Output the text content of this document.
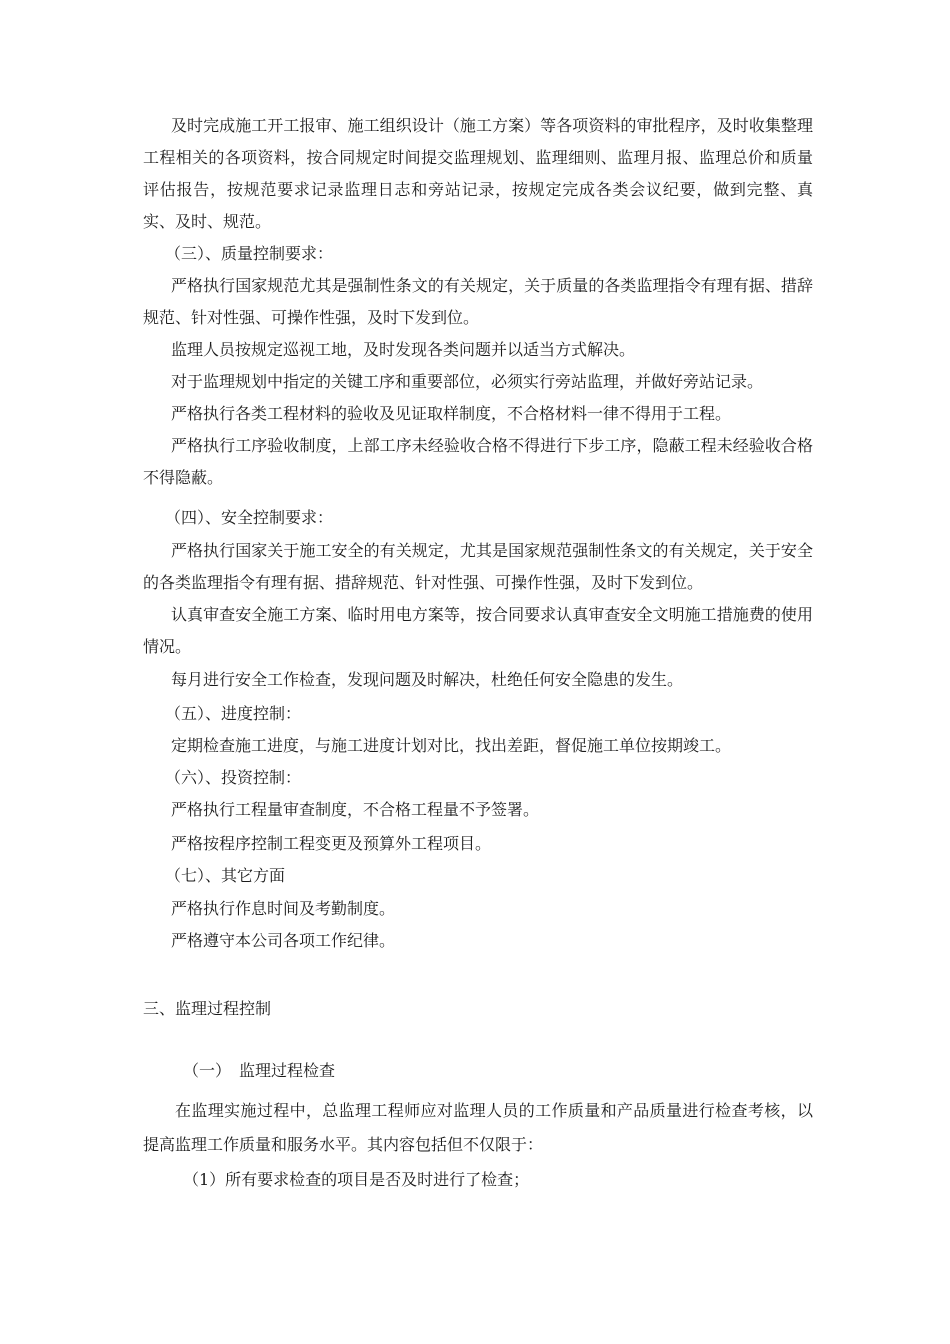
及时完成施工开工报审、施工组织设计（施工方案）等各项资料的审批程序，及时收集整理工程相关的各项资料，按合同规定时间提交监理规划、监理细则、监理月报、监理总价和质量评估报告，按规范要求记录监理日志和旁站记录，按规定完成各类会议纪要，做到完整、真实、及时、规范。

（三）、质量控制要求：

严格执行国家规范尤其是强制性条文的有关规定，关于质量的各类监理指令有理有据、措辞规范、针对性强、可操作性强，及时下发到位。

监理人员按规定巡视工地，及时发现各类问题并以适当方式解决。

对于监理规划中指定的关键工序和重要部位，必须实行旁站监理，并做好旁站记录。

严格执行各类工程材料的验收及见证取样制度，不合格材料一律不得用于工程。

严格执行工序验收制度，上部工序未经验收合格不得进行下步工序，隐蔽工程未经验收合格不得隐蔽。

（四）、安全控制要求：

严格执行国家关于施工安全的有关规定，尤其是国家规范强制性条文的有关规定，关于安全的各类监理指令有理有据、措辞规范、针对性强、可操作性强，及时下发到位。

认真审查安全施工方案、临时用电方案等，按合同要求认真审查安全文明施工措施费的使用情况。

每月进行安全工作检查，发现问题及时解决，杜绝任何安全隐患的发生。

（五）、进度控制：

定期检查施工进度，与施工进度计划对比，找出差距，督促施工单位按期竣工。

（六）、投资控制：

严格执行工程量审查制度，不合格工程量不予签署。

严格按程序控制工程变更及预算外工程项目。

（七）、其它方面

严格执行作息时间及考勤制度。

严格遵守本公司各项工作纪律。

三、监理过程控制

（一）　监理过程检查

在监理实施过程中，总监理工程师应对监理人员的工作质量和产品质量进行检查考核，以提高监理工作质量和服务水平。其内容包括但不仅限于：

（1）所有要求检查的项目是否及时进行了检查；
